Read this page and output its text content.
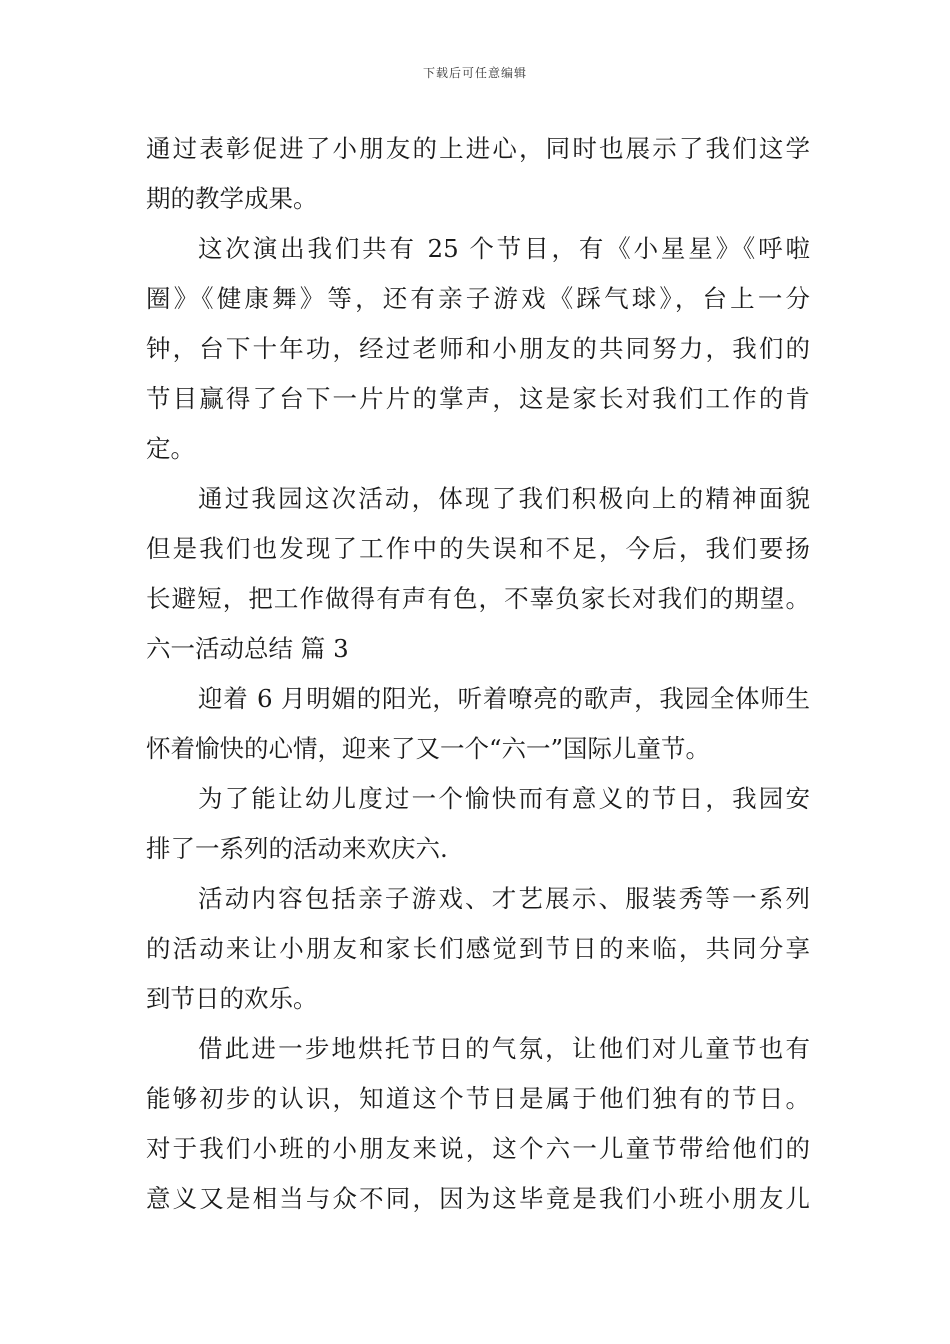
下载后可任意编辑
通过表彰促进了小朋友的上进心，同时也展示了我们这学
期的教学成果。
这次演出我们共有 25 个节目，有《小星星》《呼啦
圈》《健康舞》等，还有亲子游戏《踩气球》，台上一分
钟，台下十年功，经过老师和小朋友的共同努力，我们的
节目赢得了台下一片片的掌声，这是家长对我们工作的肯
定。
通过我园这次活动，体现了我们积极向上的精神面貌
但是我们也发现了工作中的失误和不足，今后，我们要扬
长避短，把工作做得有声有色，不辜负家长对我们的期望。
六一活动总结 篇 3
迎着 6 月明媚的阳光，听着嘹亮的歌声，我园全体师生
怀着愉快的心情，迎来了又一个“六一”国际儿童节。
为了能让幼儿度过一个愉快而有意义的节日，我园安
排了一系列的活动来欢庆六.
活动内容包括亲子游戏、才艺展示、服装秀等一系列
的活动来让小朋友和家长们感觉到节日的来临，共同分享
到节日的欢乐。
借此进一步地烘托节日的气氛，让他们对儿童节也有
能够初步的认识，知道这个节日是属于他们独有的节日。
对于我们小班的小朋友来说，这个六一儿童节带给他们的
意义又是相当与众不同，因为这毕竟是我们小班小朋友儿
